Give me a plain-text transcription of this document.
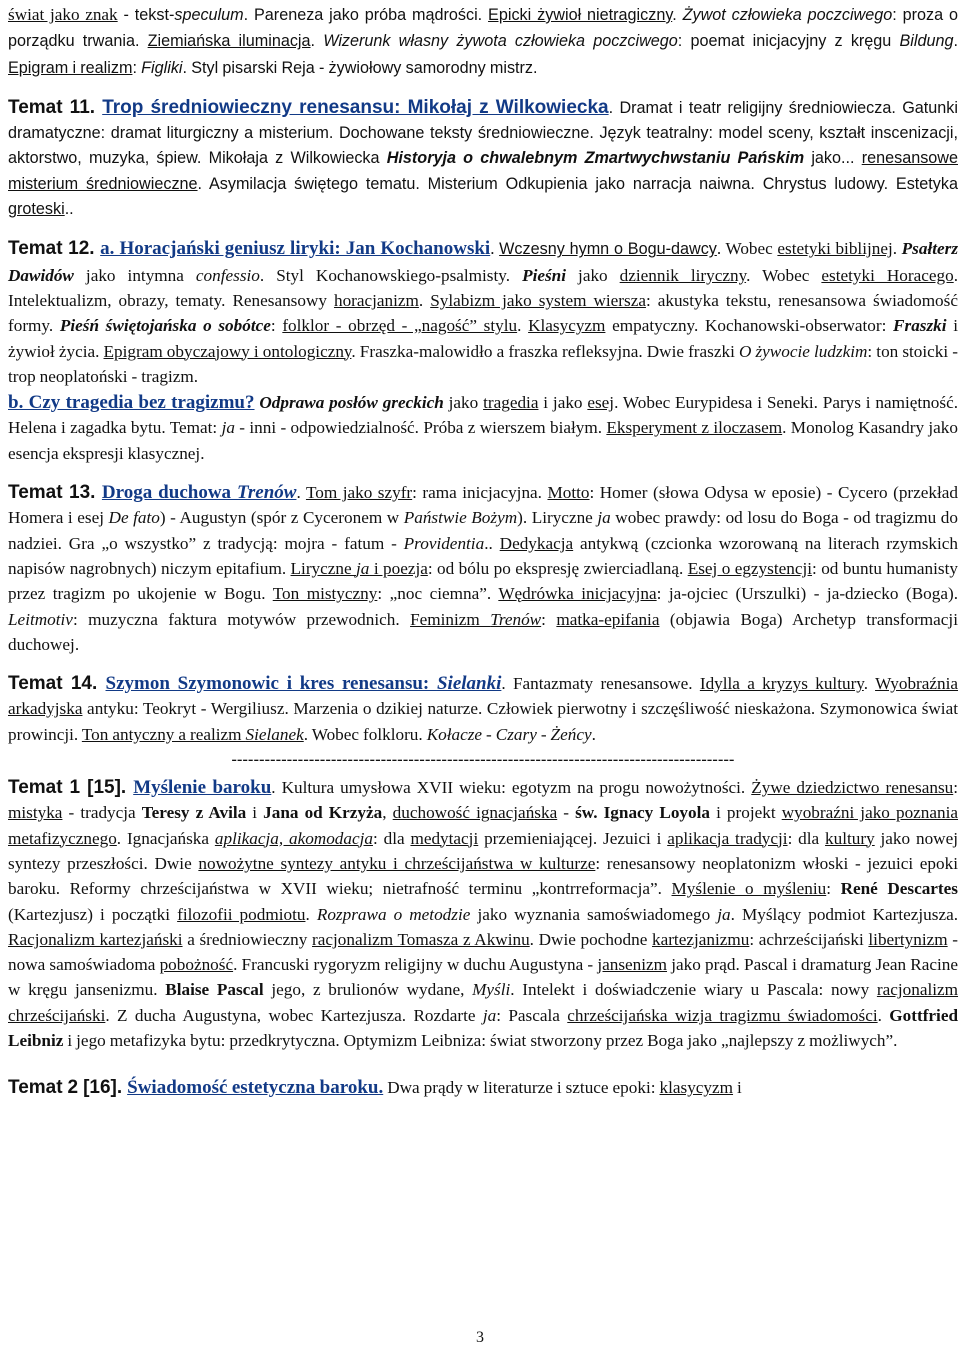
świat jako znak - tekst-speculum. Pareneza jako próba mądrości. Epicki żywioł nietragiczny. Żywot człowieka poczciwego: proza o porządku trwania. Ziemiańska iluminacja. Wizerunk własny żywota człowieka poczciwego: poemat inicjacyjny z kręgu Bildung. Epigram i realizm: Figliki. Styl pisarski Reja - żywiołowy samorodny mistrz.

Temat 11. Trop średniowieczny renesansu: Mikołaj z Wilkowiecka. Dramat i teatr religijny średniowiecza. Gatunki dramatyczne: dramat liturgiczny a misterium. Dochowane teksty średniowieczne. Język teatralny: model sceny, kształt inscenizacji, aktorstwo, muzyka, śpiew. Mikołaja z Wilkowiecka Historyja o chwalebnym Zmartwychwstaniu Pańskim jako... renesansowe misterium średniowieczne. Asymilacja świętego tematu. Misterium Odkupienia jako narracja naiwna. Chrystus ludowy. Estetyka groteski..

Temat 12. a. Horacjański geniusz liryki: Jan Kochanowski. Wczesny hymn o Bogu-dawcy. Wobec estetyki biblijnej. Psałterz Dawidów jako intymna confessio. Styl Kochanowskiego-psalmisty. Pieśni jako dziennik liryczny. Wobec estetyki Horacego. Intelektualizm, obrazy, tematy. Renesansowy horacjanizm. Sylabizm jako system wiersza: akustyka tekstu, renesansowa świadomość formy. Pieśń świętojańska o sobótce: folklor - obrzęd - „nagość” stylu. Klasycyzm empatyczny. Kochanowski-obserwator: Fraszki i żywioł życia. Epigram obyczajowy i ontologiczny. Fraszka-malowidło a fraszka refleksyjna. Dwie fraszki O żywocie ludzkim: ton stoicki - trop neoplatoński - tragizm.

b. Czy tragedia bez tragizmu? Odprawa posłów greckich jako tragedia i jako esej. Wobec Eurypidesa i Seneki. Parys i namiętność. Helena i zagadka bytu. Temat: ja - inni - odpowiedzialność. Próba z wierszem białym. Eksperyment z iloczasem. Monolog Kasandry jako esencja ekspresji klasycznej.

Temat 13. Droga duchowa Trenów. Tom jako szyfr: rama inicjacyjna. Motto: Homer (słowa Odysa w eposie) - Cycero (przekład Homera i esej De fato) - Augustyn (spór z Cyceronem w Państwie Bożym). Liryczne ja wobec prawdy: od losu do Boga - od tragizmu do nadziei. Gra „o wszystko” z tradycją: mojra - fatum - Providentia.. Dedykacja antykwą (czcionka wzorowaną na literach rzymskich napisów nagrobnych) niczym epitafium. Liryczne ja i poezja: od bólu po ekspresję zwierciadlaną. Esej o egzystencji: od buntu humanisty przez tragizm po ukojenie w Bogu. Ton mistyczny: „noc ciemna”. Wędrówka inicjacyjna: ja-ojciec (Urszulki) - ja-dziecko (Boga). Leitmotiv: muzyczna faktura motywów przewodnich. Feminizm Trenów: matka-epifania (objawia Boga) Archetyp transformacji duchowej.

Temat 14. Szymon Szymonowic i kres renesansu: Sielanki. Fantazmaty renesansowe. Idylla a kryzys kultury. Wyobraźnia arkadyjska antyku: Teokryt - Wergiliusz. Marzenia o dzikiej naturze. Człowiek pierwotny i szczęśliwość nieskażona. Szymonowica świat prowincji. Ton antyczny a realizm Sielanek. Wobec folkloru. Kołacze - Czary - Żeńcy.

-------------------------------------------------------------------------------------------

Temat 1 [15]. Myślenie baroku. Kultura umysłowa XVII wieku: egotyzm na progu nowożytności. Żywe dziedzictwo renesansu: mistyka - tradycja Teresy z Avila i Jana od Krzyża, duchowość ignacjańska - św. Ignacy Loyola i projekt wyobraźni jako poznania metafizycznego. Ignacjańska aplikacja, akomodacja: dla medytacji przemieniającej. Jezuici i aplikacja tradycji: dla kultury jako nowej syntezy przeszłości. Dwie nowożytne syntezy antyku i chrześcijaństwa w kulturze: renesansowy neoplatonizm włoski - jezuici epoki baroku. Reformy chrześcijaństwa w XVII wieku; nietrafność terminu „kontrreformacja”. Myślenie o myśleniu: René Descartes (Kartezjusz) i początki filozofii podmiotu. Rozprawa o metodzie jako wyznania samoświadomego ja. Myślący podmiot Kartezjusza. Racjonalizm kartezjański a średniowieczny racjonalizm Tomasza z Akwinu. Dwie pochodne kartezjanizmu: achrześcijański libertynizm - nowa samoświadoma pobożność. Francuski rygoryzm religijny w duchu Augustyna - jansenizm jako prąd. Pascal i dramaturg Jean Racine w kręgu jansenizmu. Blaise Pascal jego, z brulionów wydane, Myśli. Intelekt i doświadczenie wiary u Pascala: nowy racjonalizm chrześcijański. Z ducha Augustyna, wobec Kartezjusza. Rozdarte ja: Pascala chrześcijańska wizja tragizmu świadomości. Gottfried Leibniz i jego metafizyka bytu: przedkrytyczna. Optymizm Leibniza: świat stworzony przez Boga jako „najlepszy z możliwych”.

Temat 2 [16]. Świadomość estetyczna baroku. Dwa prądy w literaturze i sztuce epoki: klasycyzm i

3
